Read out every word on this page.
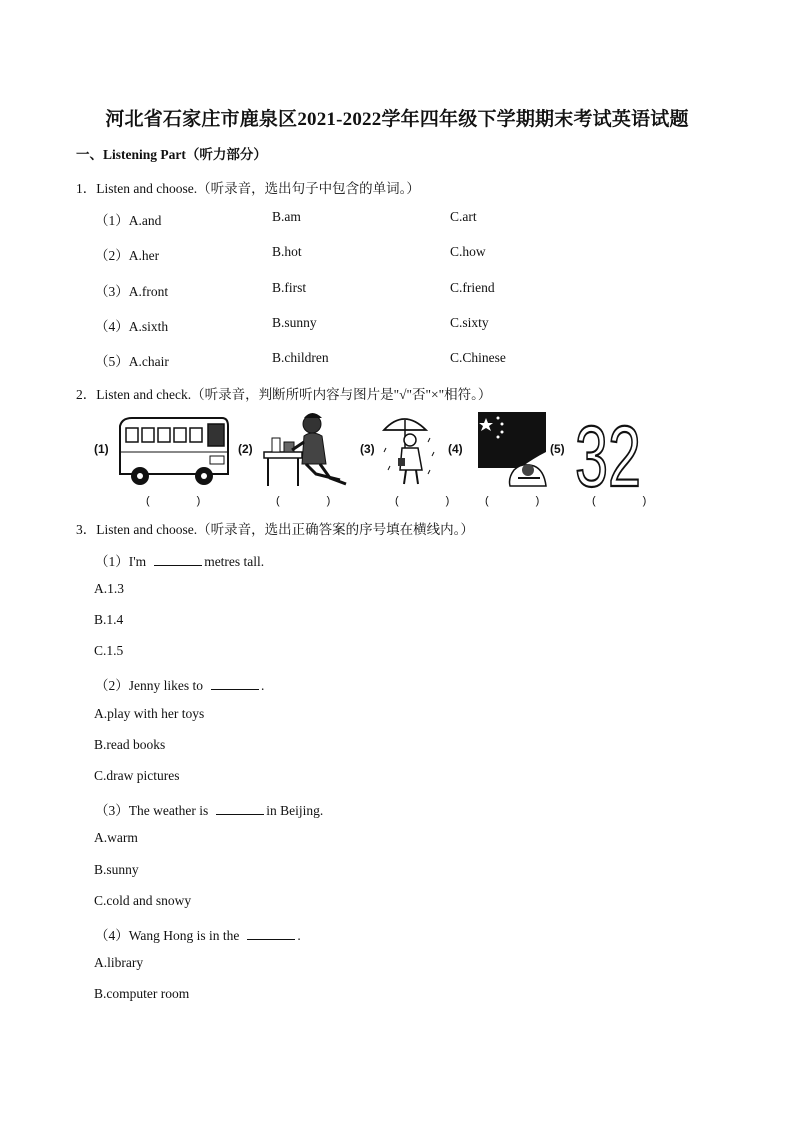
河北省石家庄市鹿泉区2021-2022学年四年级下学期期末考试英语试题
一、Listening Part（听力部分）
1．Listen and choose.（听录音，选出句子中包含的单词。）
（1）A.and	B.am	C.art
（2）A.her	B.hot	C.how
（3）A.front	B.first	C.friend
（4）A.sixth	B.sunny	C.sixty
（5）A.chair	B.children	C.Chinese
2．Listen and check.（听录音，判断所听内容与图片是"√"否"×"相符。）
(1)
(　)
(2)
(　)
(3)
(　)
(4)
(　)
(5) 32
(　)
3．Listen and choose.（听录音，选出正确答案的序号填在横线内。）
（1）I'm	metres tall.
A.1.3
B.1.4
C.1.5
（2）Jenny likes to	.
A.play with her toys
B.read books
C.draw pictures
（3）The weather is	in Beijing.
A.warm
B.sunny
C.cold and snowy
（4）Wang Hong is in the	.
A.library
B.computer room
